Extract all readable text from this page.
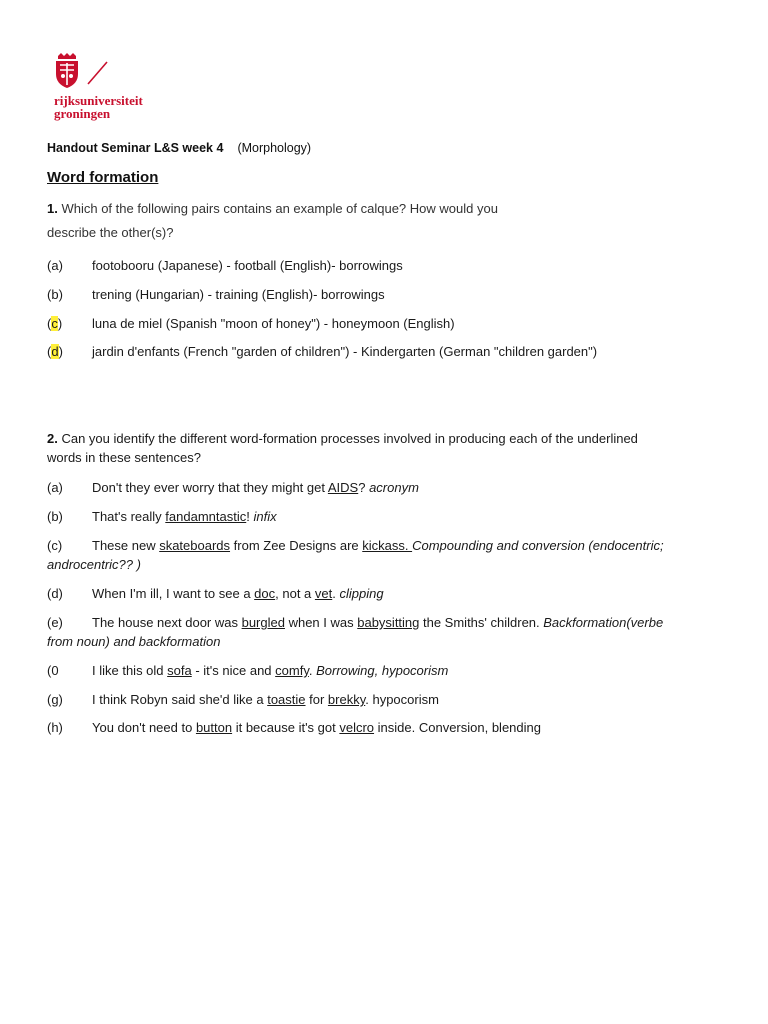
rijksuniversiteit
groningen
Handout Seminar L&S week 4 (Morphology)
Word formation
1. Which of the following pairs contains an example of calque? How would you
describe the other(s)?
(a) footobooru (Japanese) - football (English)- borrowings
(b) trening (Hungarian) - training (English)- borrowings
(c) luna de miel (Spanish "moon of honey") - honeymoon (English)
(d) jardin d'enfants (French "garden of children") - Kindergarten (German "children garden")
2. Can you identify the different word-formation processes involved in producing each of the underlined
words in these sentences?
(a) Don't they ever worry that they might get AIDS? acronym
(b) That's really fandamntastic! infix
(c) These new skateboards from Zee Designs are kickass. Compounding and conversion (endocentric;
androcentric?? )
(d) When I'm ill, I want to see a doc, not a vet. clipping
(e) The house next door was burgled when I was babysitting the Smiths' children. Backformation(verbe
from noun) and backformation
(0	I like this old sofa - it's nice and comfy. Borrowing, hypocorism
(g) I think Robyn said she'd like a toastie for brekky. hypocorism
(h) You don't need to button it because it's got velcro inside. Conversion, blending
